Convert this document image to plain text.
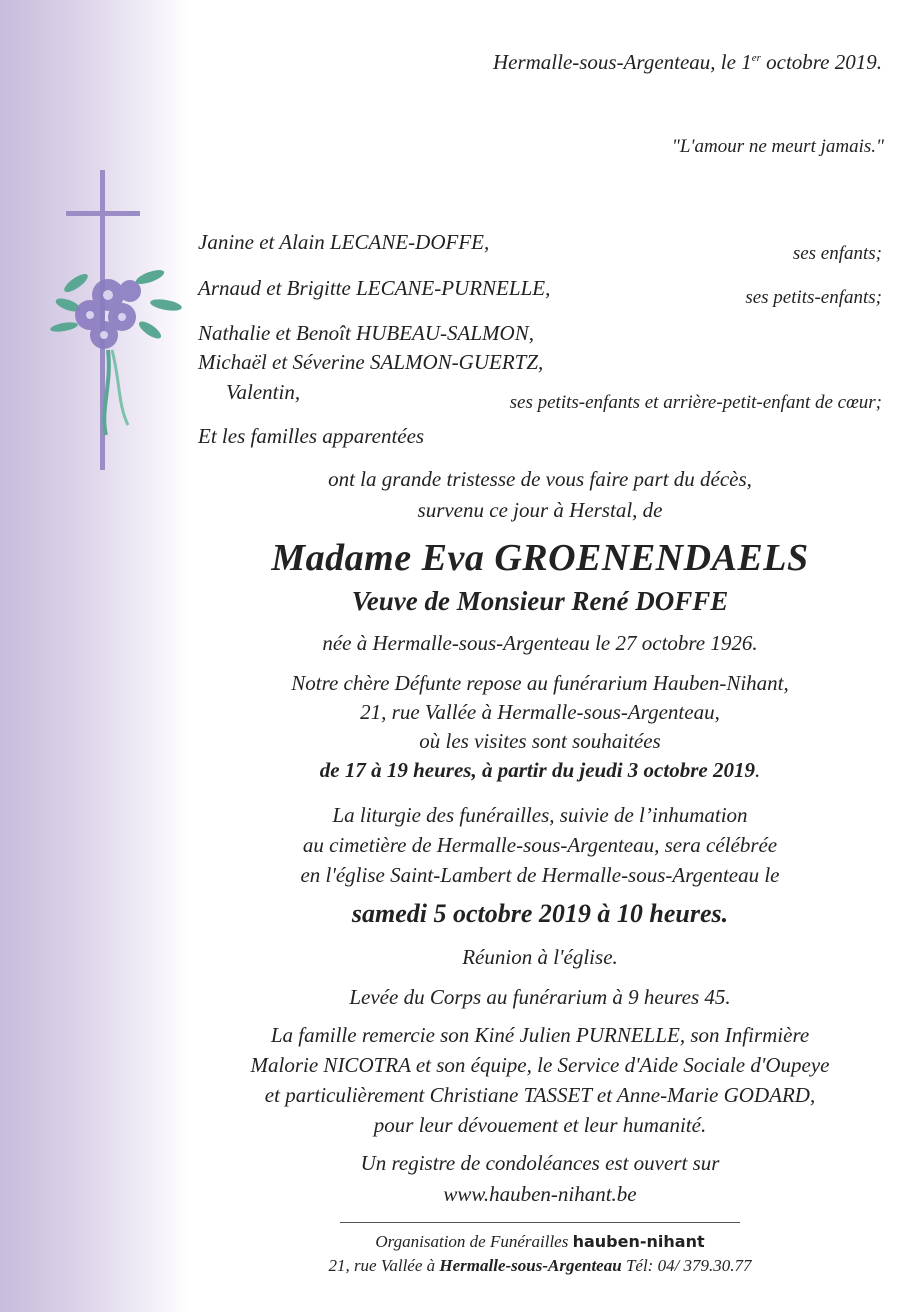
Hermalle-sous-Argenteau, le 1er octobre 2019.
"L'amour ne meurt jamais."
Janine et Alain LECANE-DOFFE,	ses enfants;
Arnaud et Brigitte LECANE-PURNELLE,	ses petits-enfants;
Nathalie et Benoît HUBEAU-SALMON,
Michaël et Séverine SALMON-GUERTZ,
Valentin,	ses petits-enfants et arrière-petit-enfant de cœur;
Et les familles apparentées
ont la grande tristesse de vous faire part du décès,
survenu ce jour à Herstal, de
Madame Eva GROENENDAELS
Veuve de Monsieur René DOFFE
née à Hermalle-sous-Argenteau le 27 octobre 1926.
Notre chère Défunte repose au funérarium Hauben-Nihant,
21, rue Vallée à Hermalle-sous-Argenteau,
où les visites sont souhaitées
de 17 à 19 heures, à partir du jeudi 3 octobre 2019.
La liturgie des funérailles, suivie de l’inhumation
au cimetière de Hermalle-sous-Argenteau, sera célébrée
en l'église Saint-Lambert de Hermalle-sous-Argenteau le
samedi 5 octobre 2019 à 10 heures.
Réunion à l'église.
Levée du Corps au funérarium à 9 heures 45.
La famille remercie son Kiné Julien PURNELLE, son Infirmière
Malorie NICOTRA et son équipe, le Service d'Aide Sociale d'Oupeye
et particulièrement Christiane TASSET et Anne-Marie GODARD,
pour leur dévouement et leur humanité.
Un registre de condoléances est ouvert sur
www.hauben-nihant.be
Organisation de Funérailles hauben-nihant
21, rue Vallée à Hermalle-sous-Argenteau Tél: 04/ 379.30.77
